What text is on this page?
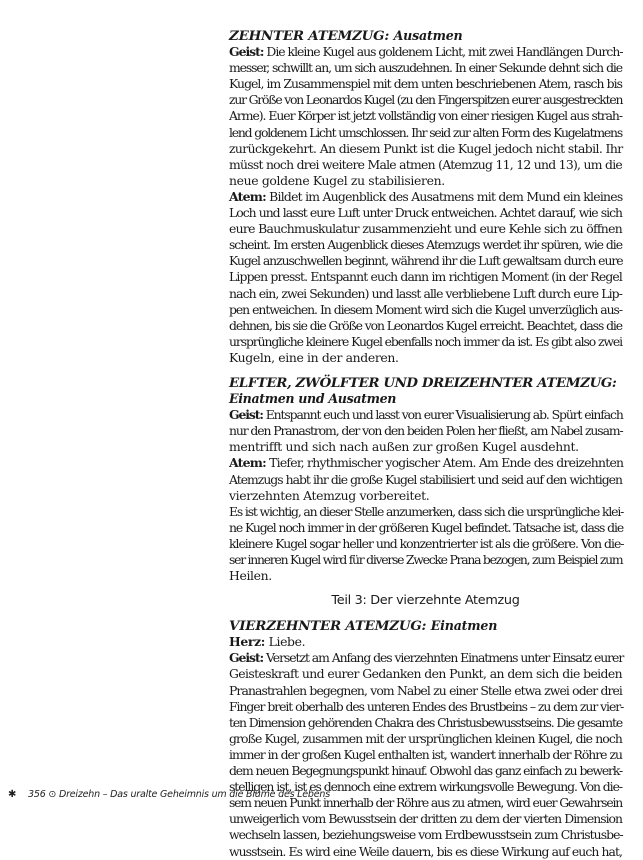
ZEHNTER ATEMZUG: Ausatmen
Geist: Die kleine Kugel aus goldenem Licht, mit zwei Handlängen Durch-
messer, schwillt an, um sich auszudehnen. In einer Sekunde dehnt sich die
Kugel, im Zusammenspiel mit dem unten beschriebenen Atem, rasch bis
zur Größe von Leonardos Kugel (zu den Fingerspitzen eurer ausgestreckten
Arme). Euer Körper ist jetzt vollständig von einer riesigen Kugel aus strah-
lend goldenem Licht umschlossen. Ihr seid zur alten Form des Kugelatmens
zurückgekehrt. An diesem Punkt ist die Kugel jedoch nicht stabil. Ihr
müsst noch drei weitere Male atmen (Atemzug 11, 12 und 13), um die
neue goldene Kugel zu stabilisieren.
Atem: Bildet im Augenblick des Ausatmens mit dem Mund ein kleines
Loch und lasst eure Luft unter Druck entweichen. Achtet darauf, wie sich
eure Bauchmuskulatur zusammenzieht und eure Kehle sich zu öffnen
scheint. Im ersten Augenblick dieses Atemzugs werdet ihr spüren, wie die
Kugel anzuschwellen beginnt, während ihr die Luft gewaltsam durch eure
Lippen presst. Entspannt euch dann im richtigen Moment (in der Regel
nach ein, zwei Sekunden) und lasst alle verbliebene Luft durch eure Lip-
pen entweichen. In diesem Moment wird sich die Kugel unverzüglich aus-
dehnen, bis sie die Größe von Leonardos Kugel erreicht. Beachtet, dass die
ursprüngliche kleinere Kugel ebenfalls noch immer da ist. Es gibt also zwei
Kugeln, eine in der anderen.
ELFTER, ZWÖLFTER UND DREIZEHNTER ATEMZUG:
Einatmen und Ausatmen
Geist: Entspannt euch und lasst von eurer Visualisierung ab. Spürt einfach
nur den Pranastrom, der von den beiden Polen her fließt, am Nabel zusam-
mentrifft und sich nach außen zur großen Kugel ausdehnt.
Atem: Tiefer, rhythmischer yogischer Atem. Am Ende des dreizehnten
Atemzugs habt ihr die große Kugel stabilisiert und seid auf den wichtigen
vierzehnten Atemzug vorbereitet.
Es ist wichtig, an dieser Stelle anzumerken, dass sich die ursprüngliche klei-
ne Kugel noch immer in der größeren Kugel befindet. Tatsache ist, dass die
kleinere Kugel sogar heller und konzentrierter ist als die größere. Von die-
ser inneren Kugel wird für diverse Zwecke Prana bezogen, zum Beispiel zum
Heilen.
Teil 3: Der vierzehnte Atemzug
VIERZEHNTER ATEMZUG: Einatmen
Herz: Liebe.
Geist: Versetzt am Anfang des vierzehnten Einatmens unter Einsatz eurer
Geisteskraft und eurer Gedanken den Punkt, an dem sich die beiden
Pranastrahlen begegnen, vom Nabel zu einer Stelle etwa zwei oder drei
Finger breit oberhalb des unteren Endes des Brustbeins – zu dem zur vier-
ten Dimension gehörenden Chakra des Christusbewusstseins. Die gesamte
große Kugel, zusammen mit der ursprünglichen kleinen Kugel, die noch
immer in der großen Kugel enthalten ist, wandert innerhalb der Röhre zu
dem neuen Begegnungspunkt hinauf. Obwohl das ganz einfach zu bewerk-
stelligen ist, ist es dennoch eine extrem wirkungsvolle Bewegung. Von die-
sem neuen Punkt innerhalb der Röhre aus zu atmen, wird euer Gewahrsein
unweigerlich vom Bewusstsein der dritten zu dem der vierten Dimension
wechseln lassen, beziehungsweise vom Erdbewusstsein zum Christusbe-
wusstsein. Es wird eine Weile dauern, bis es diese Wirkung auf euch hat,
✱ 356 ⊙ Dreizehn – Das uralte Geheimnis um die Blume des Lebens
